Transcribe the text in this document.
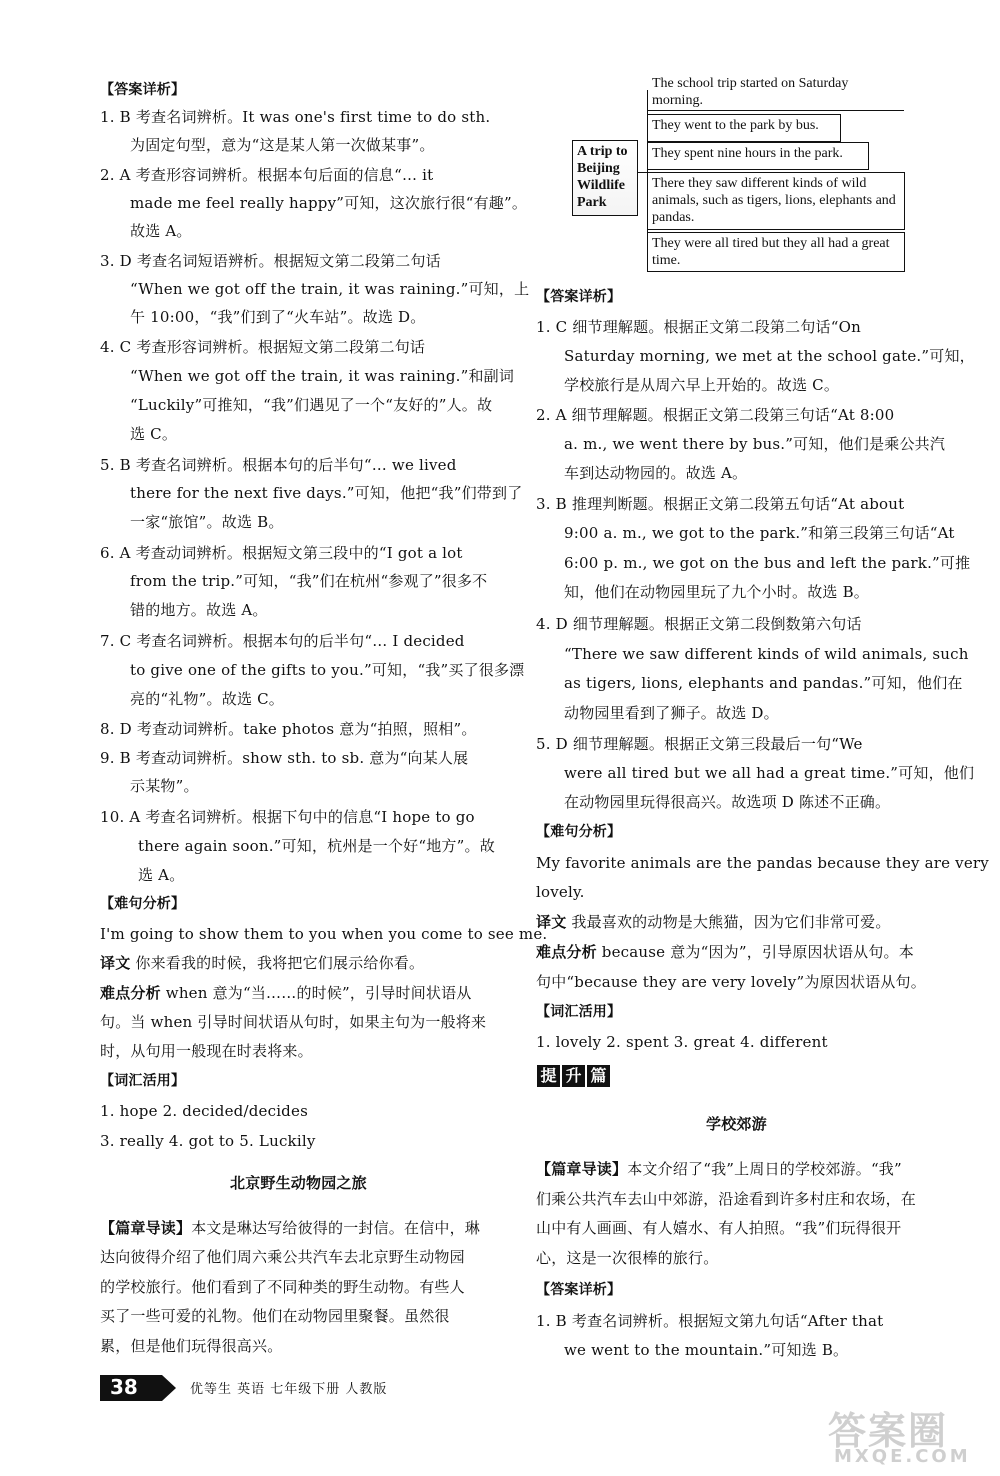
【答案详析】
1. B 考查名词辨析。It was one's first time to do sth.
为固定句型，意为“这是某人第一次做某事”。
2. A 考查形容词辨析。根据本句后面的信息“… it
made me feel really happy”可知，这次旅行很“有趣”。
故选 A。
3. D 考查名词短语辨析。根据短文第二段第二句话
“When we got off the train, it was raining.”可知，上
午 10:00，“我”们到了“火车站”。故选 D。
4. C 考查形容词辨析。根据短文第二段第二句话
“When we got off the train, it was raining.”和副词
“Luckily”可推知，“我”们遇见了一个“友好的”人。故
选 C。
5. B 考查名词辨析。根据本句的后半句“… we lived
there for the next five days.”可知，他把“我”们带到了
一家“旅馆”。故选 B。
6. A 考查动词辨析。根据短文第三段中的“I got a lot
from the trip.”可知，“我”们在杭州“参观了”很多不
错的地方。故选 A。
7. C 考查名词辨析。根据本句的后半句“… I decided
to give one of the gifts to you.”可知，“我”买了很多漂
亮的“礼物”。故选 C。
8. D 考查动词辨析。take photos 意为“拍照，照相”。
9. B 考查动词辨析。show sth. to sb. 意为“向某人展
示某物”。
10. A 考查名词辨析。根据下句中的信息“I hope to go
there again soon.”可知，杭州是一个好“地方”。故
选 A。
【难句分析】
I'm going to show them to you when you come to see me.
译文 你来看我的时候，我将把它们展示给你看。
难点分析 when 意为“当……的时候”，引导时间状语从
句。当 when 引导时间状语从句时，如果主句为一般将来
时，从句用一般现在时表将来。
【词汇活用】
1. hope 2. decided/decides
3. really 4. got to 5. Luckily
【篇章导读】本文是琳达写给彼得的一封信。在信中，琳
达向彼得介绍了他们周六乘公共汽车去北京野生动物园
的学校旅行。他们看到了不同种类的野生动物。有些人
买了一些可爱的礼物。他们在动物园里聚餐。虽然很
累，但是他们玩得很高兴。
【答案详析】
1. C 细节理解题。根据正文第二段第二句话“On
Saturday morning, we met at the school gate.”可知，
学校旅行是从周六早上开始的。故选 C。
2. A 细节理解题。根据正文第二段第三句话“At 8:00
a. m., we went there by bus.”可知，他们是乘公共汽
车到达动物园的。故选 A。
3. B 推理判断题。根据正文第二段第五句话“At about
9:00 a. m., we got to the park.”和第三段第三句话“At
6:00 p. m., we got on the bus and left the park.”可推
知，他们在动物园里玩了九个小时。故选 B。
4. D 细节理解题。根据正文第二段倒数第六句话
“There we saw different kinds of wild animals, such
as tigers, lions, elephants and pandas.”可知，他们在
动物园里看到了狮子。故选 D。
5. D 细节理解题。根据正文第三段最后一句“We
were all tired but we all had a great time.”可知，他们
在动物园里玩得很高兴。故选项 D 陈述不正确。
【难句分析】
My favorite animals are the pandas because they are very
lovely.
译文 我最喜欢的动物是大熊猫，因为它们非常可爱。
难点分析 because 意为“因为”，引导原因状语从句。本
句中“because they are very lovely”为原因状语从句。
【词汇活用】
1. lovely 2. spent 3. great 4. different
【篇章导读】本文介绍了“我”上周日的学校郊游。“我”
们乘公共汽车去山中郊游，沿途看到许多村庄和农场，在
山中有人画画、有人嬉水、有人拍照。“我”们玩得很开
心，这是一次很棒的旅行。
【答案详析】
1. B 考查名词辨析。根据短文第九句话“After that
we went to the mountain.”可知选 B。
北京野生动物园之旅
The school trip started on Saturday morning.
They went to the park by bus.
They spent nine hours in the park.
There they saw different kinds of wild animals, such as tigers, lions, elephants and pandas.
They were all tired but they all had a great time.
A trip to Beijing Wildlife Park
提 升 篇
学校郊游
38	优等生 英语 七年级下册 人教版
答案圈
MXQE.COM
